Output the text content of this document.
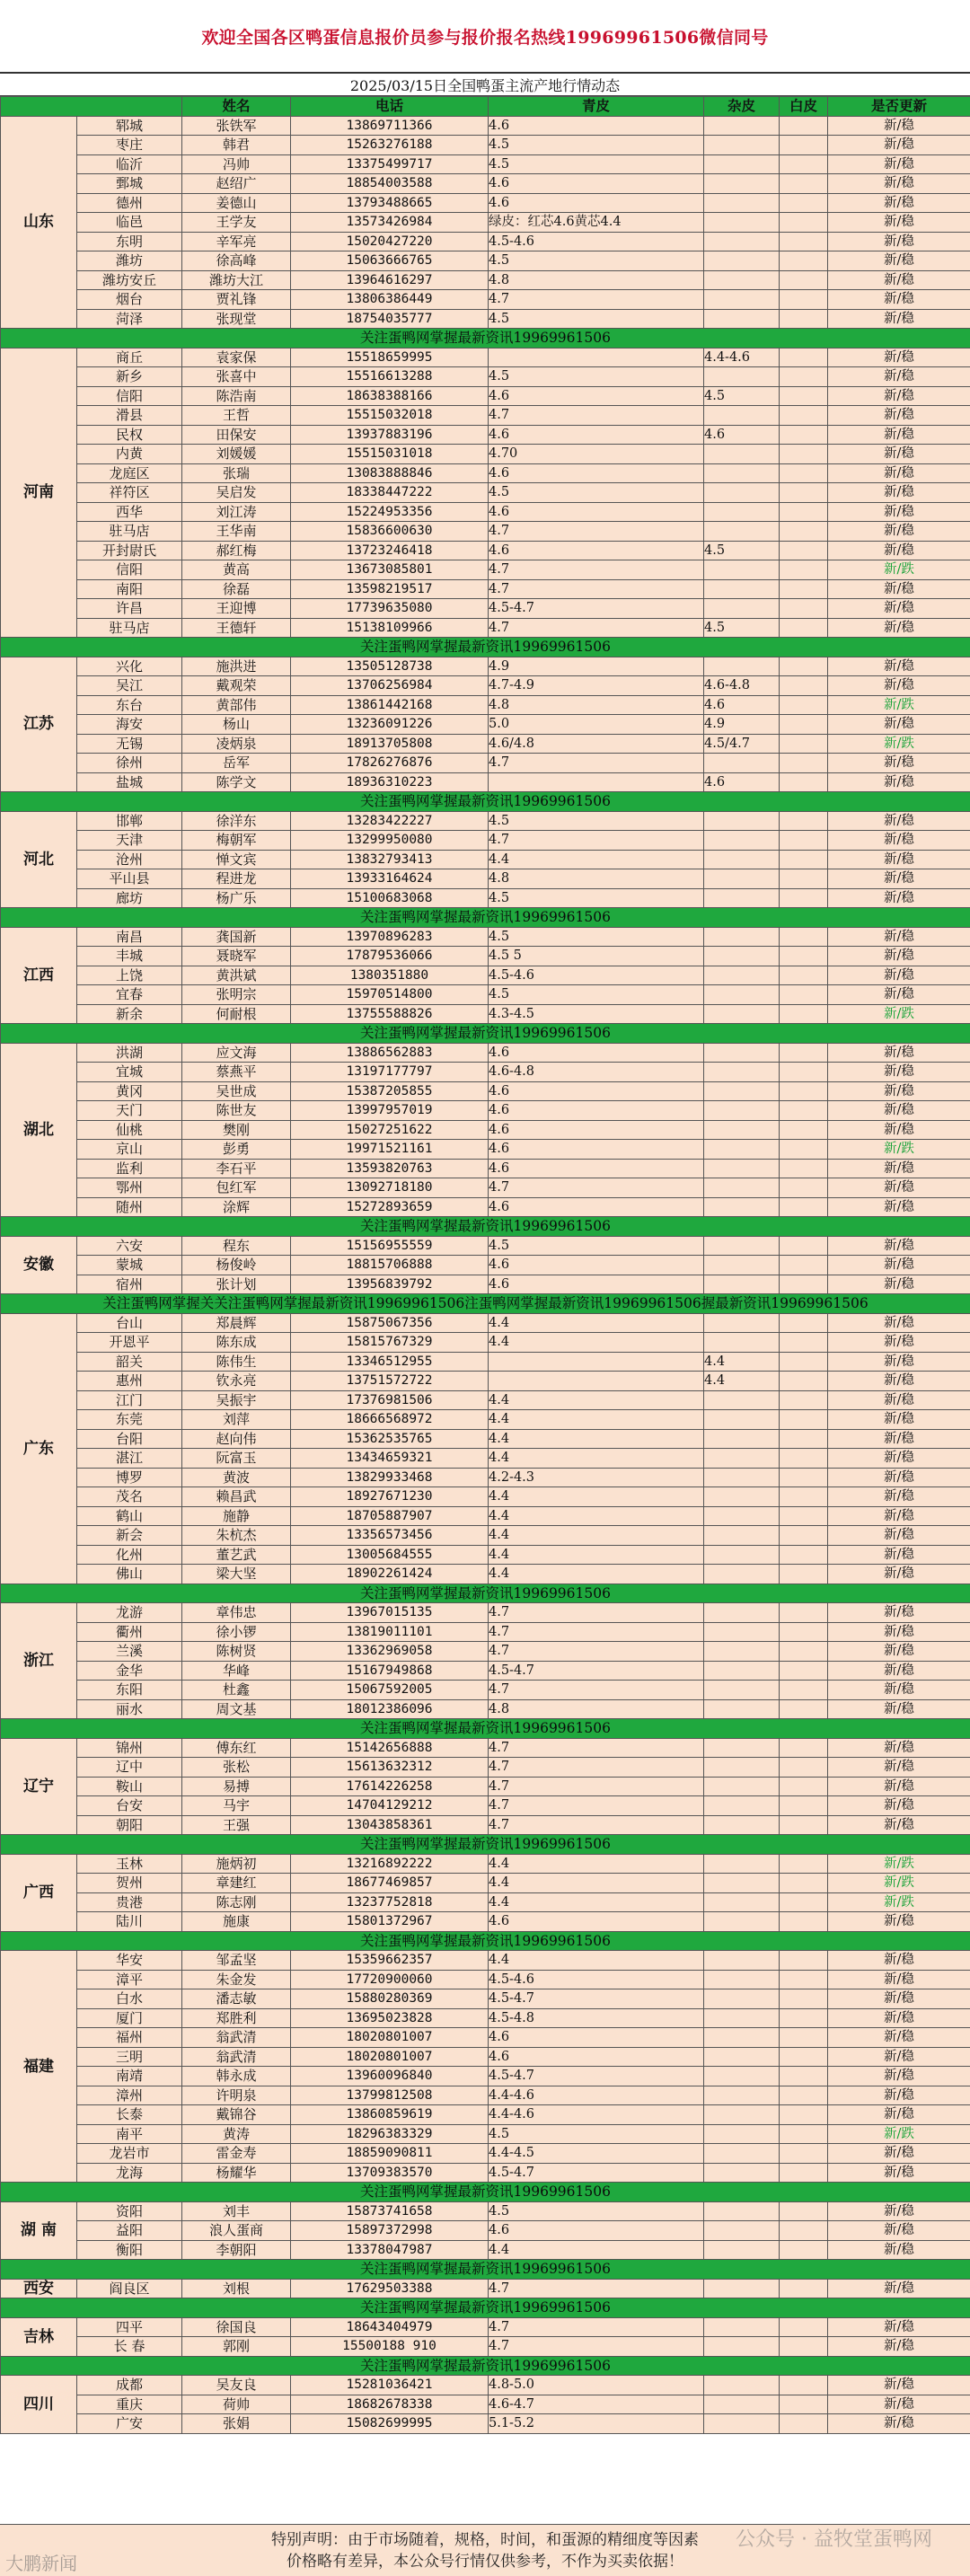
欢迎全国各区鸭蛋信息报价员参与报价报名热线19969961506微信同号
2025/03/15日全国鸭蛋主流产地行情动态
		姓名	电话	青皮	杂皮	白皮	是否更新
山东	郓城	张铁军	13869711366	4.6			新/稳
	枣庄	韩君	15263276188	4.5			新/稳
	临沂	冯帅	13375499717	4.5			新/稳
	鄄城	赵绍广	18854003588	4.6			新/稳
	德州	姜德山	13793488665	4.6			新/稳
	临邑	王学友	13573426984	绿皮：红芯4.6黄芯4.4			新/稳
	东明	辛军亮	15020427220	4.5-4.6			新/稳
	潍坊	徐高峰	15063666765	4.5			新/稳
	潍坊安丘	潍坊大江	13964616297	4.8			新/稳
	烟台	贾礼锋	13806386449	4.7			新/稳
	菏泽	张现堂	18754035777	4.5			新/稳
关注蛋鸭网掌握最新资讯19969961506							
河南	商丘	袁家保	15518659995		4.4-4.6		新/稳
	新乡	张喜中	15516613288	4.5			新/稳
	信阳	陈浩南	18638388166	4.6	4.5		新/稳
	滑县	王哲	15515032018	4.7			新/稳
	民权	田保安	13937883196	4.6	4.6		新/稳
	内黄	刘媛媛	15515031018	4.70			新/稳
	龙庭区	张瑞	13083888846	4.6			新/稳
	祥符区	吴启发	18338447222	4.5			新/稳
	西华	刘江涛	15224953356	4.6			新/稳
	驻马店	王华南	15836600630	4.7			新/稳
	开封尉氏	郝红梅	13723246418	4.6	4.5		新/稳
	信阳	黄高	13673085801	4.7			新/跌
	南阳	徐磊	13598219517	4.7			新/稳
	许昌	王迎博	17739635080	4.5-4.7			新/稳
	驻马店	王德轩	15138109966	4.7	4.5		新/稳
关注蛋鸭网掌握最新资讯19969961506							
江苏	兴化	施洪进	13505128738	4.9			新/稳
	吴江	戴观荣	13706256984	4.7-4.9	4.6-4.8		新/稳
	东台	黄部伟	13861442168	4.8	4.6		新/跌
	海安	杨山	13236091226	5.0	4.9		新/稳
	无锡	凌炳泉	18913705808	4.6/4.8	4.5/4.7		新/跌
	徐州	岳军	17826276876	4.7			新/稳
	盐城	陈学文	18936310223		4.6		新/稳
关注蛋鸭网掌握最新资讯19969961506							
河北	邯郸	徐洋东	13283422227	4.5			新/稳
	天津	梅朝军	13299950080	4.7			新/稳
	沧州	惮文宾	13832793413	4.4			新/稳
	平山县	程进龙	13933164624	4.8			新/稳
	廊坊	杨广乐	15100683068	4.5			新/稳
关注蛋鸭网掌握最新资讯19969961506							
江西	南昌	龚国新	13970896283	4.5			新/稳
	丰城	聂晓军	17879536066	4.5 5			新/稳
	上饶	黄洪斌	1380351880	4.5-4.6			新/稳
	宜春	张明宗	15970514800	4.5			新/稳
	新余	何耐根	13755588826	4.3-4.5			新/跌
关注蛋鸭网掌握最新资讯19969961506							
湖北	洪湖	应文海	13886562883	4.6			新/稳
	宜城	蔡燕平	13197177797	4.6-4.8			新/稳
	黄冈	吴世成	15387205855	4.6			新/稳
	天门	陈世友	13997957019	4.6			新/稳
	仙桃	樊刚	15027251622	4.6			新/稳
	京山	彭勇	19971521161	4.6			新/跌
	监利	李石平	13593820763	4.6			新/稳
	鄂州	包红军	13092718180	4.7			新/稳
	随州	涂辉	15272893659	4.6			新/稳
关注蛋鸭网掌握最新资讯19969961506							
安徽	六安	程东	15156955559	4.5			新/稳
	蒙城	杨俊岭	18815706888	4.6			新/稳
	宿州	张计划	13956839792	4.6			新/稳
关注蛋鸭网掌握关关注蛋鸭网掌握最新资讯19969961506注蛋鸭网掌握最新资讯19969961506握最新资讯19969961506							
广东	台山	郑晨辉	15875067356	4.4			新/稳
	开恩平	陈东成	15815767329	4.4			新/稳
	韶关	陈伟生	13346512955		4.4		新/稳
	惠州	钦永亮	13751572722		4.4		新/稳
	江门	吴振宇	17376981506	4.4			新/稳
	东莞	刘萍	18666568972	4.4			新/稳
	台阳	赵向伟	15362535765	4.4			新/稳
	湛江	阮富玉	13434659321	4.4			新/稳
	博罗	黄波	13829933468	4.2-4.3			新/稳
	茂名	赖昌武	18927671230	4.4			新/稳
	鹤山	施静	18705887907	4.4			新/稳
	新会	朱杭杰	13356573456	4.4			新/稳
	化州	董艺武	13005684555	4.4			新/稳
	佛山	梁大坚	18902261424	4.4			新/稳
关注蛋鸭网掌握最新资讯19969961506							
浙江	龙游	章伟忠	13967015135	4.7			新/稳
	衢州	徐小锣	13819011101	4.7			新/稳
	兰溪	陈树贤	13362969058	4.7			新/稳
	金华	华峰	15167949868	4.5-4.7			新/稳
	东阳	杜鑫	15067592005	4.7			新/稳
	丽水	周文基	18012386096	4.8			新/稳
关注蛋鸭网掌握最新资讯19969961506							
辽宁	锦州	傅东红	15142656888	4.7			新/稳
	辽中	张松	15613632312	4.7			新/稳
	鞍山	易搏	17614226258	4.7			新/稳
	台安	马宇	14704129212	4.7			新/稳
	朝阳	王强	13043858361	4.7			新/稳
关注蛋鸭网掌握最新资讯19969961506							
广西	玉林	施炳初	13216892222	4.4			新/跌
	贺州	章建红	18677469857	4.4			新/跌
	贵港	陈志刚	13237752818	4.4			新/跌
	陆川	施康	15801372967	4.6			新/稳
关注蛋鸭网掌握最新资讯19969961506							
福建	华安	邹孟坚	15359662357	4.4			新/稳
	漳平	朱金发	17720900060	4.5-4.6			新/稳
	白水	潘志敏	15880280369	4.5-4.7			新/稳
	厦门	郑胜利	13695023828	4.5-4.8			新/稳
	福州	翁武清	18020801007	4.6			新/稳
	三明	翁武清	18020801007	4.6			新/稳
	南靖	韩永成	13960096840	4.5-4.7			新/稳
	漳州	许明泉	13799812508	4.4-4.6			新/稳
	长泰	戴锦谷	13860859619	4.4-4.6			新/稳
	南平	黄涛	18296383329	4.5			新/跌
	龙岩市	雷金寿	18859090811	4.4-4.5			新/稳
	龙海	杨耀华	13709383570	4.5-4.7			新/稳
关注蛋鸭网掌握最新资讯19969961506							
湖 南	资阳	刘丰	15873741658	4.5			新/稳
	益阳	浪人蛋商	15897372998	4.6			新/稳
	衡阳	李朝阳	13378047987	4.4			新/稳
关注蛋鸭网掌握最新资讯19969961506							
西安	阎良区	刘根	17629503388	4.7			新/稳
关注蛋鸭网掌握最新资讯19969961506							
吉林	四平	徐国良	18643404979	4.7			新/稳
	长 春	郭刚	15500188 910	4.7			新/稳
关注蛋鸭网掌握最新资讯19969961506							
四川	成都	吴友良	15281036421	4.8-5.0			新/稳
	重庆	荷帅	18682678338	4.6-4.7			新/稳
	广安	张娟	15082699995	5.1-5.2			新/稳
特别声明：由于市场随着，规格，时间，和蛋源的精细度等因素
价格略有差异，本公众号行情仅供参考，不作为买卖依据！
公众号 · 益牧堂蛋鸭网
大鹏新闻
